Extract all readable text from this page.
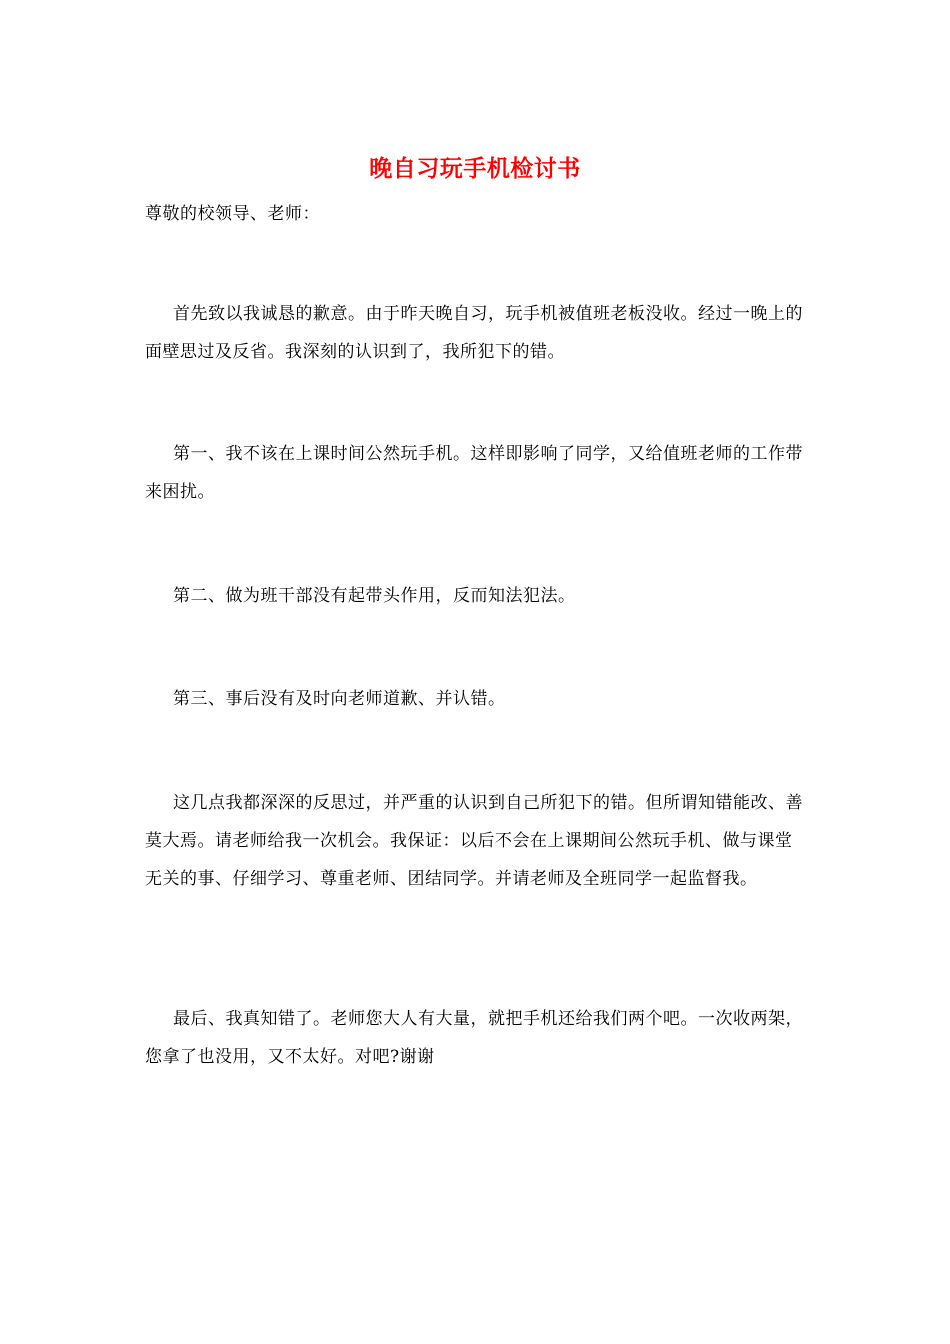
晚自习玩手机检讨书
尊敬的校领导、老师：

首先致以我诚恳的歉意。由于昨天晚自习，玩手机被值班老板没收。经过一晚上的面壁思过及反省。我深刻的认识到了，我所犯下的错。

第一、我不该在上课时间公然玩手机。这样即影响了同学，又给值班老师的工作带来困扰。

第二、做为班干部没有起带头作用，反而知法犯法。

第三、事后没有及时向老师道歉、并认错。

这几点我都深深的反思过，并严重的认识到自己所犯下的错。但所谓知错能改、善莫大焉。请老师给我一次机会。我保证：以后不会在上课期间公然玩手机、做与课堂无关的事、仔细学习、尊重老师、团结同学。并请老师及全班同学一起监督我。

最后、我真知错了。老师您大人有大量，就把手机还给我们两个吧。一次收两架，您拿了也没用，又不太好。对吧?谢谢
